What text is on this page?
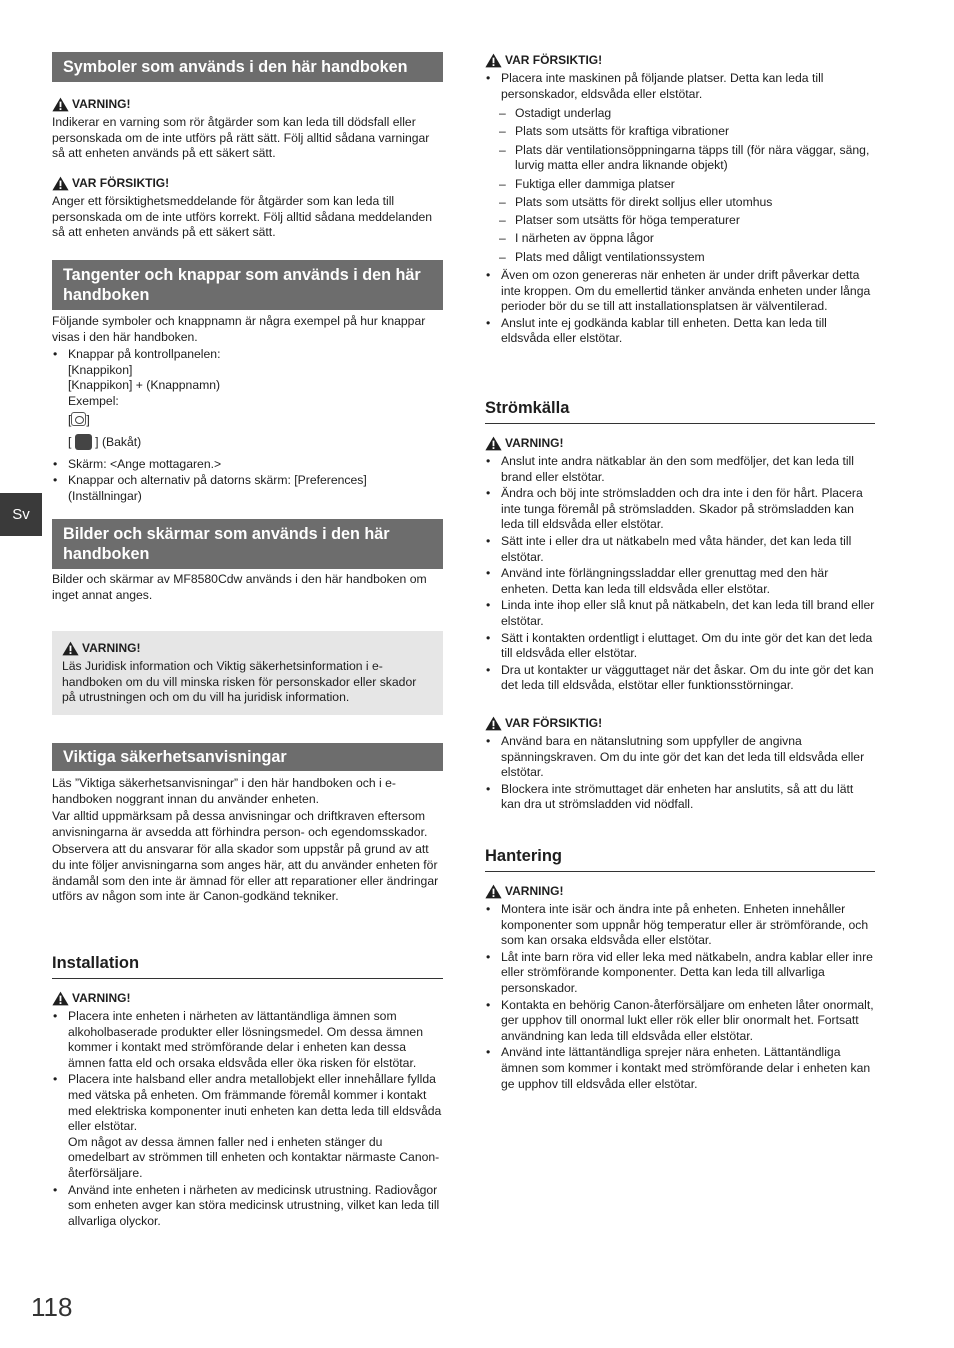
Sv
Symboler som används i den här handboken
VARNING!

Indikerar en varning som rör åtgärder som kan leda till dödsfall eller personskada om de inte utförs på rätt sätt. Följ alltid sådana varningar så att enheten används på ett säkert sätt.

VAR FÖRSIKTIG!

Anger ett försiktighetsmeddelande för åtgärder som kan leda till personskada om de inte utförs korrekt. Följ alltid sådana meddelanden så att enheten används på ett säkert sätt.

Tangenter och knappar som används i den här handboken

Följande symboler och knappnamn är några exempel på hur knappar visas i den här handboken.

• Knappar på kontrollpanelen:
[Knappikon]
[Knappikon] + (Knappnamn)
Exempel:
[ ]
[ ] (Bakåt)
• Skärm: <Ange mottagaren.>
• Knappar och alternativ på datorns skärm: [Preferences] (Inställningar)
Bilder och skärmar som används i den här handboken

Bilder och skärmar av MF8580Cdw används i den här handboken om inget annat anges.

VARNING!

Läs Juridisk information och Viktig säkerhetsinformation i e-handboken om du vill minska risken för personskador eller skador på utrustningen och om du vill ha juridisk information.

Viktiga säkerhetsanvisningar

Läs ”Viktiga säkerhetsanvisningar” i den här handboken och i e-handboken noggrant innan du använder enheten.

Var alltid uppmärksam på dessa anvisningar och driftkraven eftersom anvisningarna är avsedda att förhindra person- och egendomsskador.

Observera att du ansvarar för alla skador som uppstår på grund av att du inte följer anvisningarna som anges här, att du använder enheten för ändamål som den inte är ämnad för eller att reparationer eller ändringar utförs av någon som inte är Canon-godkänd tekniker.

Installation
VARNING!
• Placera inte enheten i närheten av lättantändliga ämnen som alkoholbaserade produkter eller lösningsmedel. Om dessa ämnen kommer i kontakt med strömförande delar i enheten kan dessa ämnen fatta eld och orsaka eldsvåda eller öka risken för elstötar.
• Placera inte halsband eller andra metallobjekt eller innehållare fyllda med vätska på enheten. Om främmande föremål kommer i kontakt med elektriska komponenter inuti enheten kan detta leda till eldsvåda eller elstötar.
Om något av dessa ämnen faller ned i enheten stänger du omedelbart av strömmen till enheten och kontaktar närmaste Canon-återförsäljare.
• Använd inte enheten i närheten av medicinsk utrustning. Radiovågor som enheten avger kan störa medicinsk utrustning, vilket kan leda till allvarliga olyckor.
VAR FÖRSIKTIG!
• Placera inte maskinen på följande platser. Detta kan leda till personskador, eldsvåda eller elstötar.
– Ostadigt underlag
– Plats som utsätts för kraftiga vibrationer
– Plats där ventilationsöppningarna täpps till (för nära väggar, säng, lurvig matta eller andra liknande objekt)
– Fuktiga eller dammiga platser
– Plats som utsätts för direkt solljus eller utomhus
– Platser som utsätts för höga temperaturer
– I närheten av öppna lågor
– Plats med dåligt ventilationssystem
• Även om ozon genereras när enheten är under drift påverkar detta inte kroppen. Om du emellertid tänker använda enheten under långa perioder bör du se till att installationsplatsen är välventilerad.
• Anslut inte ej godkända kablar till enheten. Detta kan leda till eldsvåda eller elstötar.
Strömkälla
VARNING!
• Anslut inte andra nätkablar än den som medföljer, det kan leda till brand eller elstötar.
• Ändra och böj inte strömsladden och dra inte i den för hårt. Placera inte tunga föremål på strömsladden. Skador på strömsladden kan leda till eldsvåda eller elstötar.
• Sätt inte i eller dra ut nätkabeln med våta händer, det kan leda till elstötar.
• Använd inte förlängningssladdar eller grenuttag med den här enheten. Detta kan leda till eldsvåda eller elstötar.
• Linda inte ihop eller slå knut på nätkabeln, det kan leda till brand eller elstötar.
• Sätt i kontakten ordentligt i eluttaget. Om du inte gör det kan det leda till eldsvåda eller elstötar.
• Dra ut kontakter ur vägguttaget när det åskar. Om du inte gör det kan det leda till eldsvåda, elstötar eller funktionsstörningar.
VAR FÖRSIKTIG!
• Använd bara en nätanslutning som uppfyller de angivna spänningskraven. Om du inte gör det kan det leda till eldsvåda eller elstötar.
• Blockera inte strömuttaget där enheten har anslutits, så att du lätt kan dra ut strömsladden vid nödfall.
Hantering
VARNING!
• Montera inte isär och ändra inte på enheten. Enheten innehåller komponenter som uppnår hög temperatur eller är strömförande, och som kan orsaka eldsvåda eller elstötar.
• Låt inte barn röra vid eller leka med nätkabeln, andra kablar eller inre eller strömförande komponenter. Detta kan leda till allvarliga personskador.
• Kontakta en behörig Canon-återförsäljare om enheten låter onormalt, ger upphov till onormal lukt eller rök eller blir onormalt het. Fortsatt användning kan leda till eldsvåda eller elstötar.
• Använd inte lättantändliga sprejer nära enheten. Lättantändliga ämnen som kommer i kontakt med strömförande delar i enheten kan ge upphov till eldsvåda eller elstötar.
118
